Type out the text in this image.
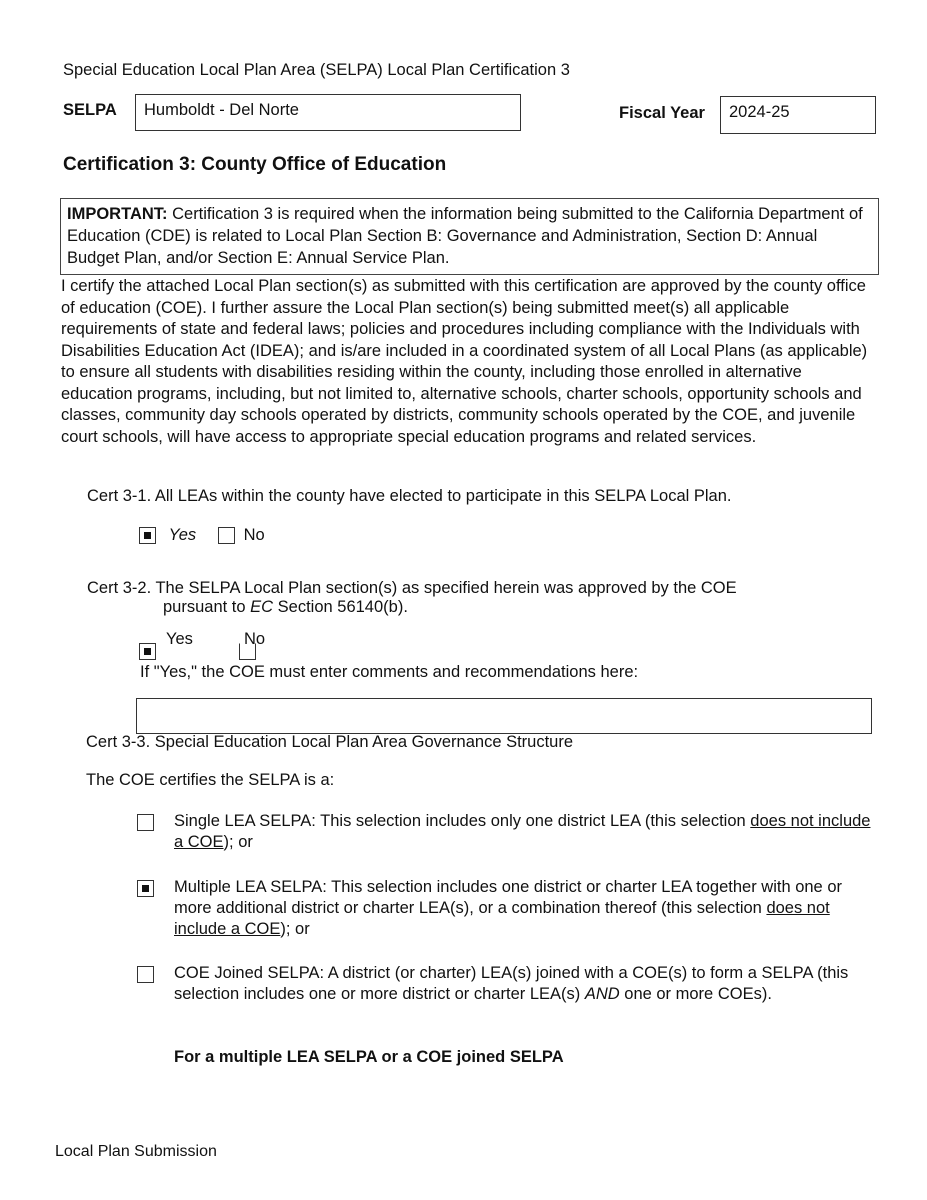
Special Education Local Plan Area (SELPA) Local Plan Certification 3
SELPA	Humboldt - Del Norte	Fiscal Year	2024-25
Certification 3: County Office of Education
IMPORTANT: Certification 3 is required when the information being submitted to the California Department of Education (CDE) is related to Local Plan Section B: Governance and Administration, Section D: Annual Budget Plan, and/or Section E: Annual Service Plan.
I certify the attached Local Plan section(s) as submitted with this certification are approved by the county office of education (COE). I further assure the Local Plan section(s) being submitted meet(s) all applicable requirements of state and federal laws; policies and procedures including compliance with the Individuals with Disabilities Education Act (IDEA); and is/are included in a coordinated system of all Local Plans (as applicable) to ensure all students with disabilities residing within the county, including those enrolled in alternative education programs, including, but not limited to, alternative schools, charter schools, opportunity schools and classes, community day schools operated by districts, community schools operated by the COE, and juvenile court schools, will have access to appropriate special education programs and related services.
Cert 3-1. All LEAs within the county have elected to participate in this SELPA Local Plan.
Yes	No
Cert 3-2. The SELPA Local Plan section(s) as specified herein was approved by the COE
pursuant to EC Section 56140(b).

Yes	No
If "Yes," the COE must enter comments and recommendations here:
Cert 3-3. Special Education Local Plan Area Governance Structure
The COE certifies the SELPA is a:
Single LEA SELPA: This selection includes only one district LEA (this selection does not include a COE); or
Multiple LEA SELPA: This selection includes one district or charter LEA together with one or more additional district or charter LEA(s), or a combination thereof (this selection does not include a COE); or
COE Joined SELPA: A district (or charter) LEA(s) joined with a COE(s) to form a SELPA (this selection includes one or more district or charter LEA(s) AND one or more COEs).
For a multiple LEA SELPA or a COE joined SELPA
Local Plan Submission
